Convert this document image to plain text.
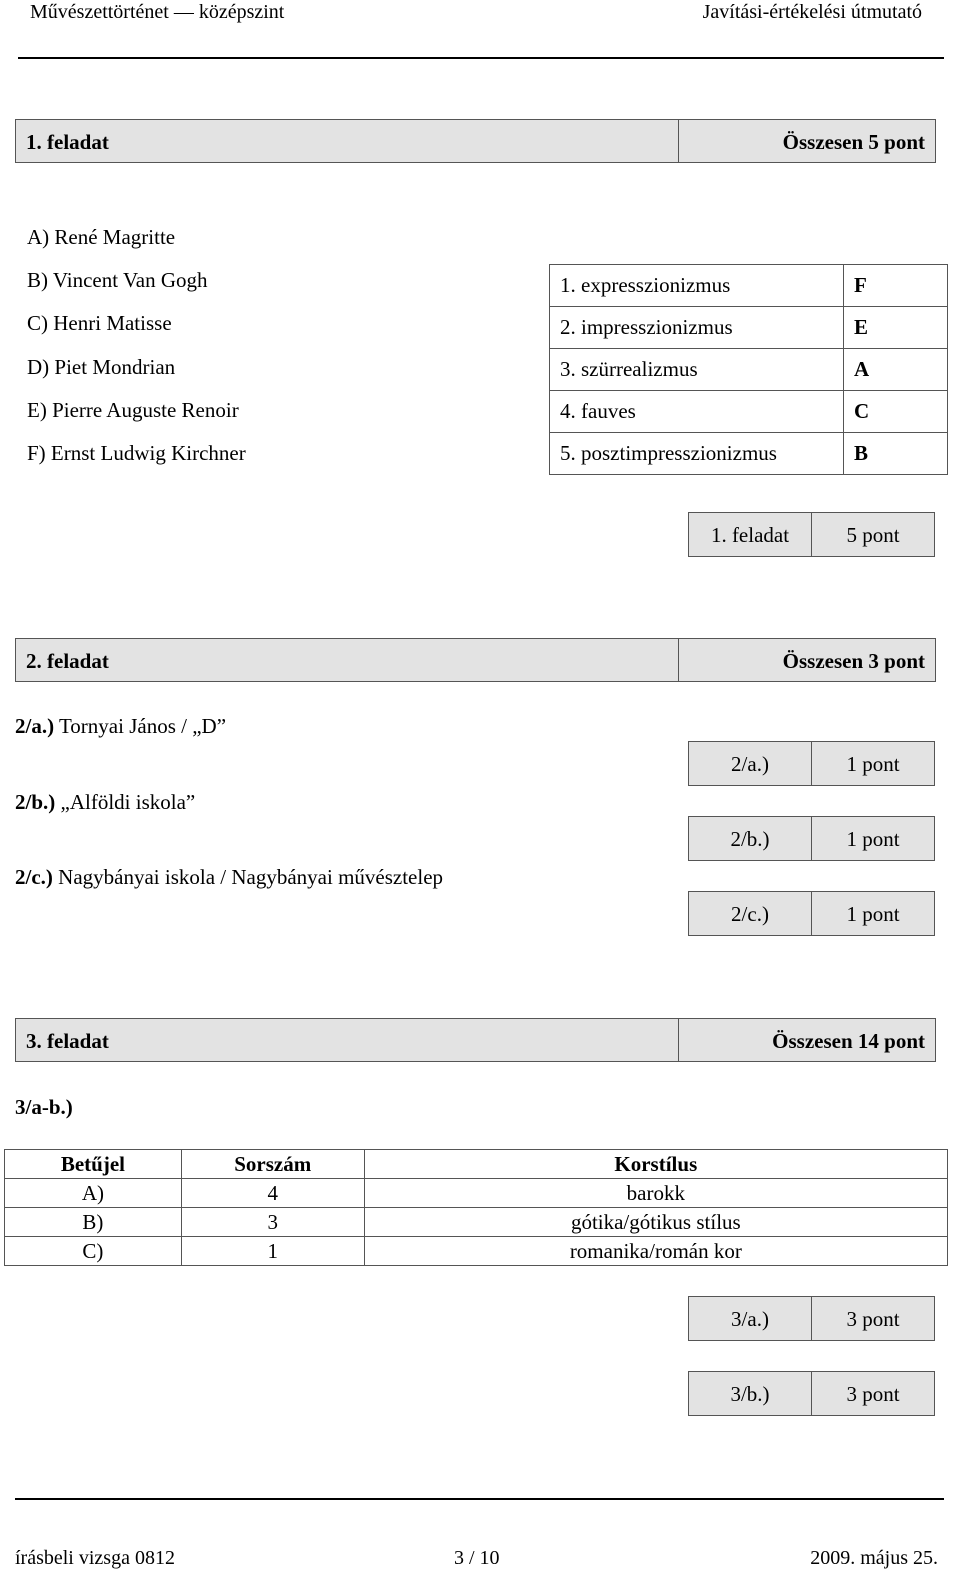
Művészettörténet — középszint	Javítási-értékelési útmutató
1. feladat	Összesen 5 pont
A) René Magritte
B) Vincent Van Gogh
C) Henri Matisse
D) Piet Mondrian
E) Pierre Auguste Renoir
F) Ernst Ludwig Kirchner
1. expresszionizmus	F
2. impresszionizmus	E
3. szürrealizmus	A
4. fauves	C
5. posztimpresszionizmus	B
1. feladat	5 pont
2. feladat	Összesen 3 pont
2/a.) Tornyai János / „D”
2/b.) „Alföldi iskola”
2/c.) Nagybányai iskola / Nagybányai művésztelep
2/a.)	1 pont
2/b.)	1 pont
2/c.)	1 pont
3. feladat	Összesen 14 pont
3/a-b.)
Betűjel	Sorszám	Korstílus
A)	4	barokk
B)	3	gótika/gótikus stílus
C)	1	romanika/román kor
3/a.)	3 pont
3/b.)	3 pont
írásbeli vizsga 0812	3 / 10	2009. május 25.
